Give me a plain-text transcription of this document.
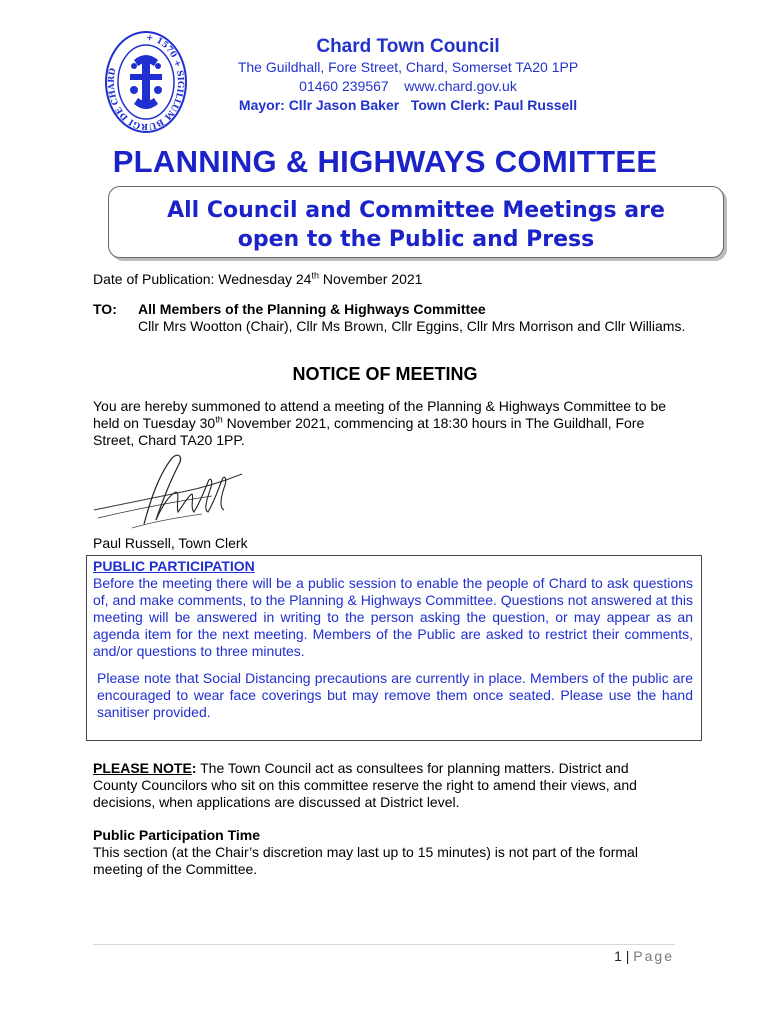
+ 1570 + SIGILLUM BURGI DE CHARD
Chard Town Council
The Guildhall, Fore Street, Chard, Somerset TA20 1PP
01460 239567    www.chard.gov.uk
Mayor: Cllr Jason Baker   Town Clerk: Paul Russell
PLANNING & HIGHWAYS COMITTEE
All Council and Committee Meetings are
open to the Public and Press
Date of Publication: Wednesday 24th November 2021
TO: All Members of the Planning & Highways Committee
Cllr Mrs Wootton (Chair), Cllr Ms Brown, Cllr Eggins, Cllr Mrs Morrison and Cllr Williams.
NOTICE OF MEETING
You are hereby summoned to attend a meeting of the Planning & Highways Committee to be held on Tuesday 30th November 2021, commencing at 18:30 hours in The Guildhall, Fore Street, Chard TA20 1PP.
Paul Russell, Town Clerk
PUBLIC PARTICIPATION
Before the meeting there will be a public session to enable the people of Chard to ask questions of, and make comments, to the Planning & Highways Committee. Questions not answered at this meeting will be answered in writing to the person asking the question, or may appear as an agenda item for the next meeting. Members of the Public are asked to restrict their comments, and/or questions to three minutes.
Please note that Social Distancing precautions are currently in place. Members of the public are encouraged to wear face coverings but may remove them once seated. Please use the hand sanitiser provided.
PLEASE NOTE: The Town Council act as consultees for planning matters. District and County Councilors who sit on this committee reserve the right to amend their views, and decisions, when applications are discussed at District level.
Public Participation Time
This section (at the Chair’s discretion may last up to 15 minutes) is not part of the formal meeting of the Committee.
1 | Page
